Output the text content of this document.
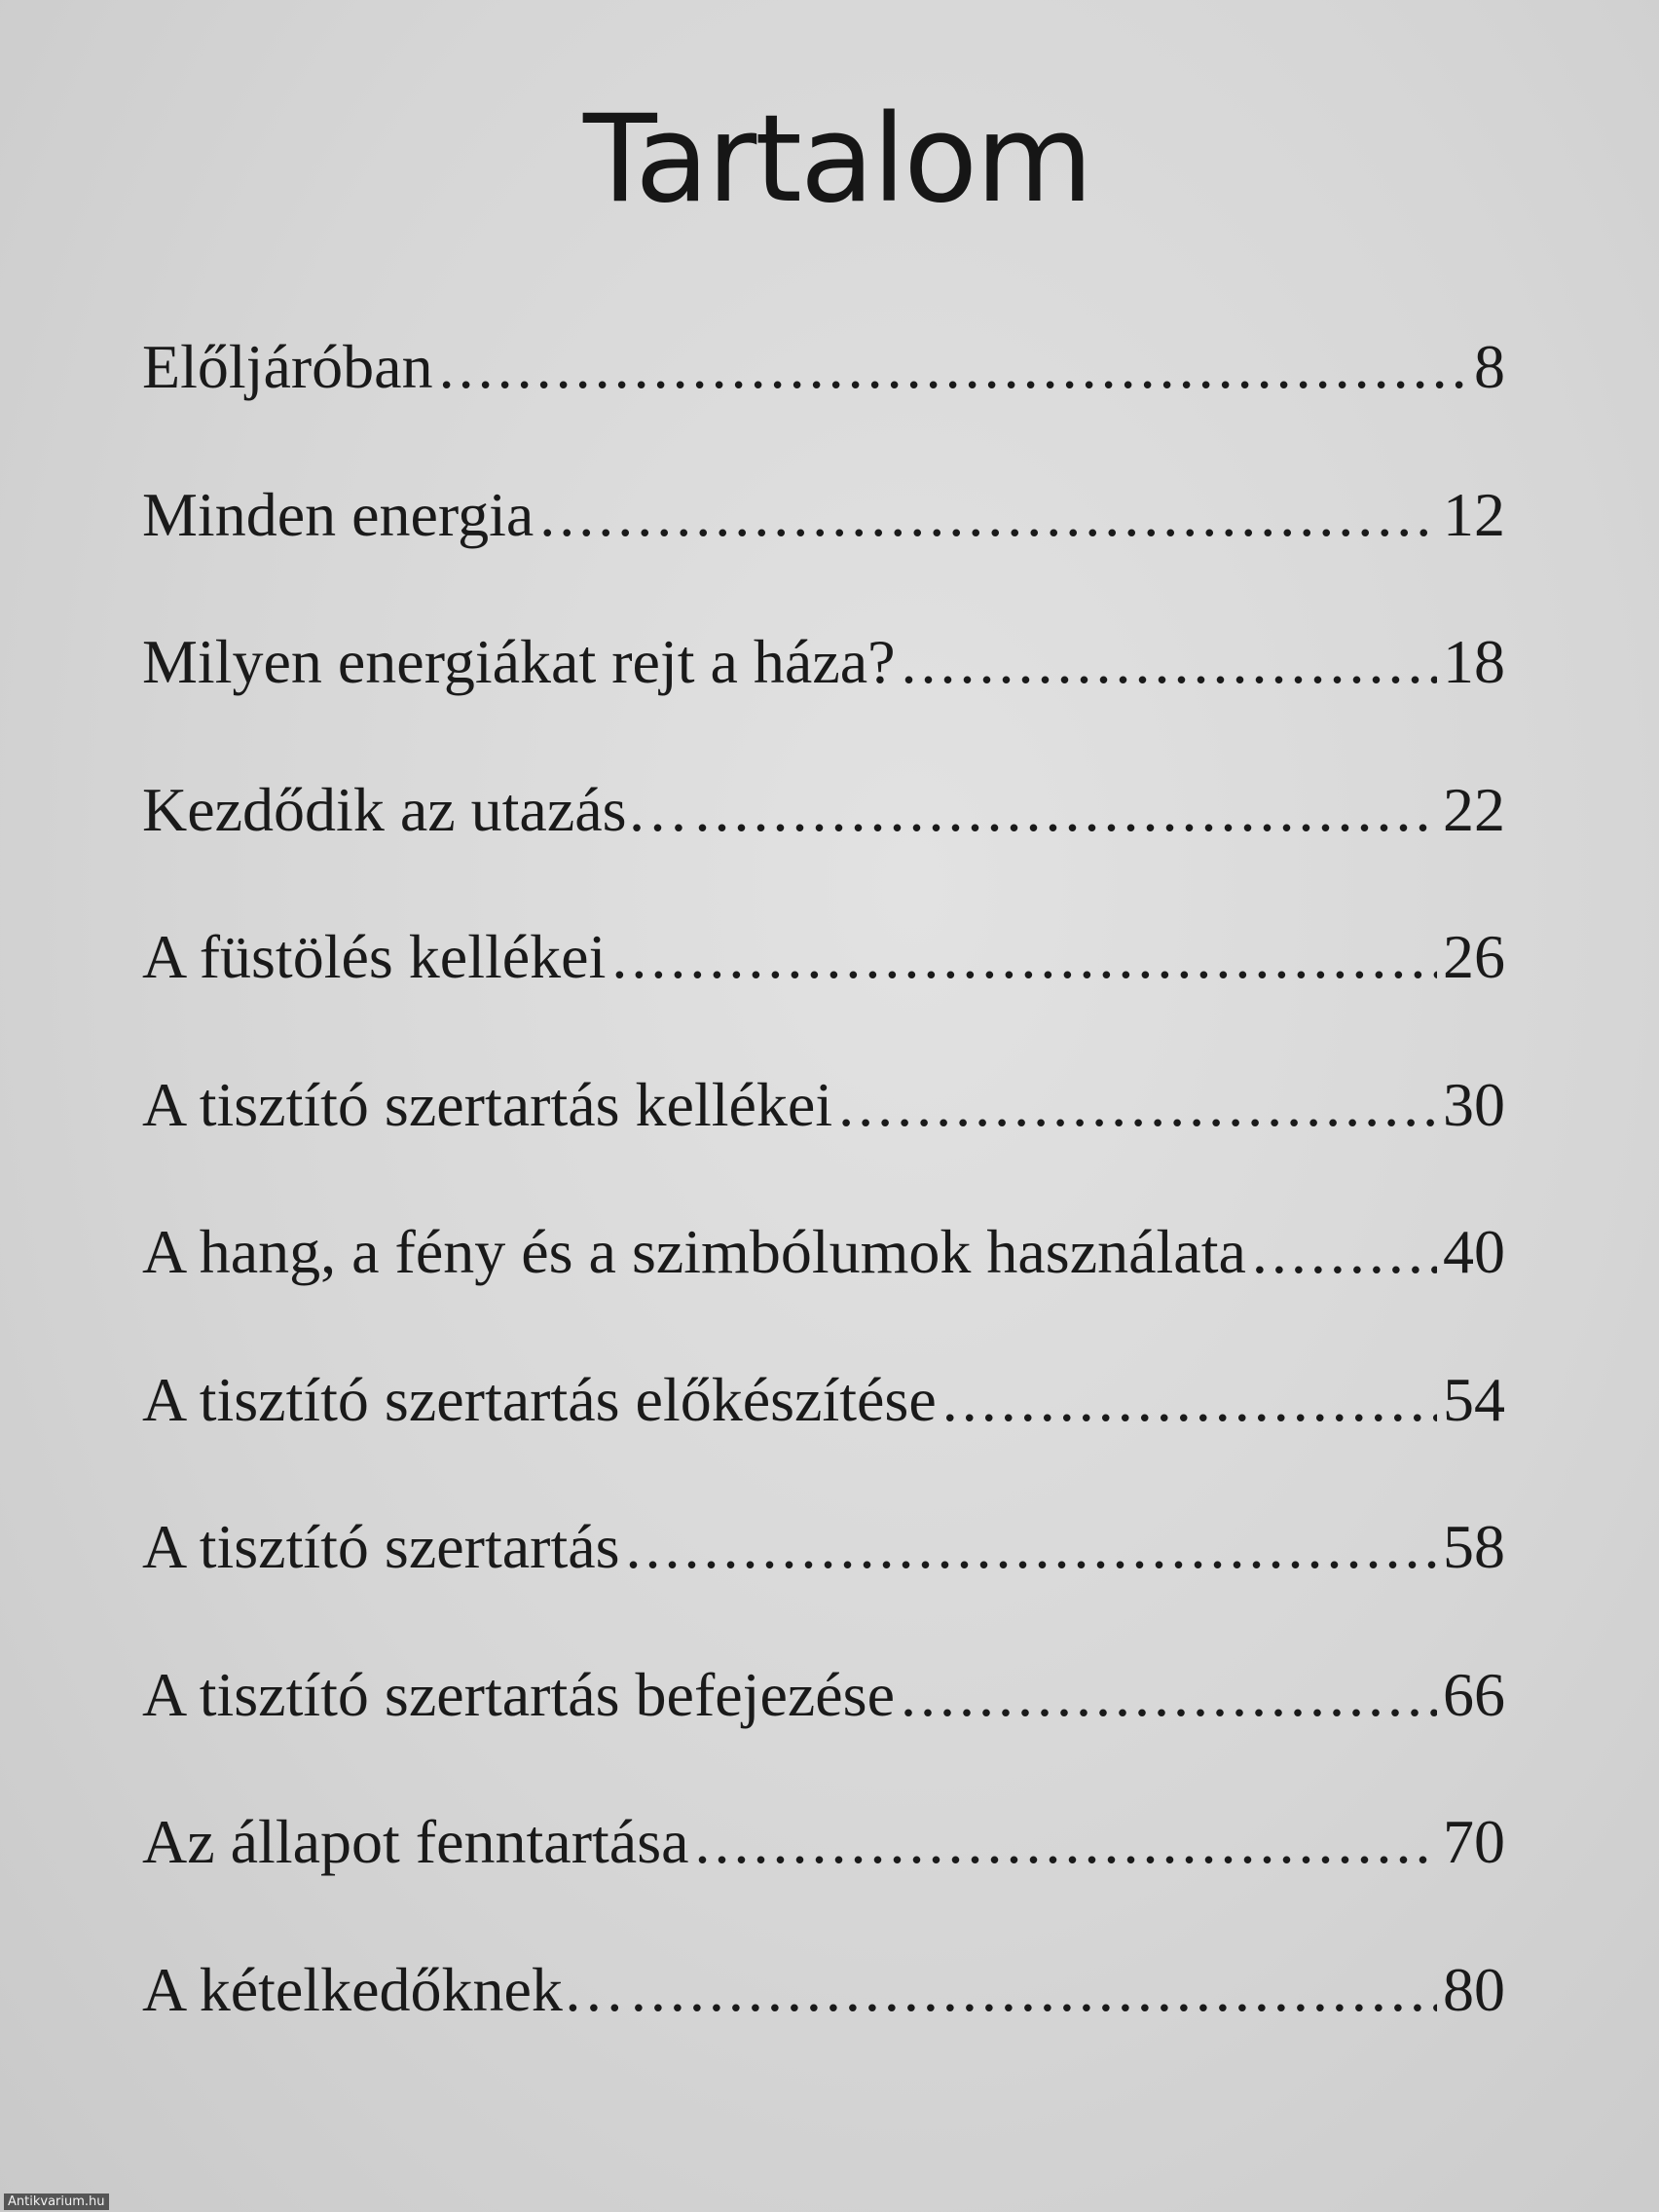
Tartalom
Előljáróban . . .	8
Minden energia . . .	12
Milyen energiákat rejt a háza? . . .	18
Kezdődik az utazás… . . .	22
A füstölés kellékei . . .	26
A tisztító szertartás kellékei . . .	30
A hang, a fény és a szimbólumok használata . . .	40
A tisztító szertartás előkészítése . . .	54
A tisztító szertartás . . .	58
A tisztító szertartás befejezése . . .	66
Az állapot fenntartása . . .	70
A kételkedőknek… . . .	80
Antikvarium.hu
